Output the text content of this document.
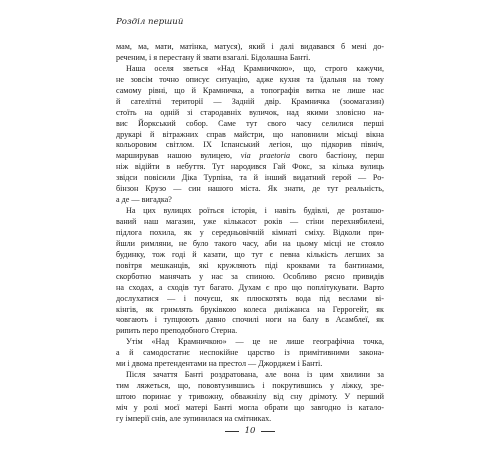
Розділ перший
мам, ма, мати, матінка, матуся), який і далі видавався б мені до-
реченим, і я перестану й звати взагалі. Бідолашна Банті.
Наша оселя зветься «Над Крамничкою», що, строго кажучи,
не зовсім точно описує ситуацію, адже кухня та їдальня на тому
самому рівні, що й Крамничка, а топографія витка не лише нас
й сателітні території — Задній двір. Крамничка (зоомагазин)
стоїть на одній зі стародавніх вуличок, над якими зловісно на-
вис Йоркський собор. Саме тут свого часу селилися перші
друкарі й вітражних справ майстри, що наповнили місьці вікна
кольоровим світлом. IX Іспанський легіон, що підкорив північ,
марширував нашою вулицею, via praetoria свого бастіону, перш
ніж відійти в небуття. Тут народився Гай Фокс, за кілька вулиць
звідси повісили Діка Турпіна, та й інший видатний герой — Ро-
бінзон Крузо — син нашого міста. Як знати, де тут реальність,
а де — вигадка?
На цих вулицях роїться історія, і навіть будівлі, де розташо-
ваний наш магазин, уже кількасот років — стіни перехнябилені,
підлога похила, як у середньовічній кімнаті сміху. Відколи при-
йшли римляни, не було такого часу, аби на цьому місці не стояло
будинку, тож годі й казати, що тут є певна кількість легших за
повітря мешканців, які кружляють піді кроквами та бантинами,
скорботно манячать у нас за спиною. Особливо рясно привидів
на сходах, а сходів тут багато. Духам є про що поплітукувати. Варто
дослухатися — і почуєш, як плюскотять вода під веслами ві-
кінгів, як гримлять бруківкою колеса диліжанса на Геррогейт, як
човгають і тупцюють давно спочилі ноги на балу в Асамблеї, як
рипить перо преподобного Стерна.
Утім «Над Крамничкою» — це не лише географічна точка,
а й самодостатнє неспокійне царство із примітивними закона-
ми і двома претендентами на престол — Джорджем і Банті.
Після зачаття Банті роздратована, але вона із цим хвилини за
тим ляжеться, що, пововтузившись і покрутившись у ліжку, зре-
штою поринає у тривожну, обважнілу від сну дрімоту. У перший
міч у ролі моєї матері Банті могла обрати що завгодно із катало-
гу імперії снів, але зупинилася на смітниках.
10
